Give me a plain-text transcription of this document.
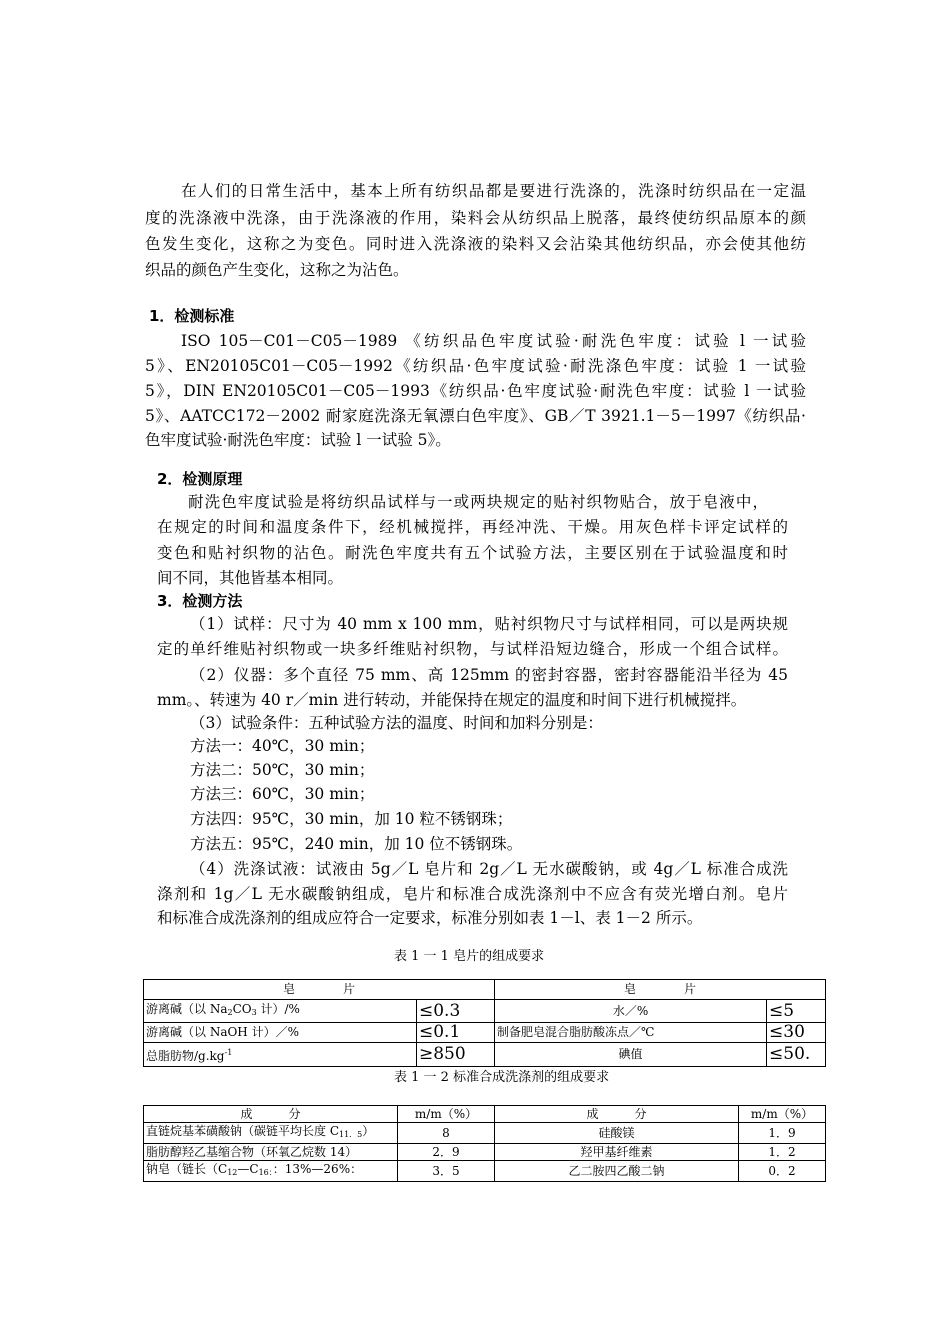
在人们的日常生活中，基本上所有纺织品都是要进行洗涤的，洗涤时纺织品在一定温
度的洗涤液中洗涤，由于洗涤液的作用，染料会从纺织品上脱落，最终使纺织品原本的颜
色发生变化，这称之为变色。同时进入洗涤液的染料又会沾染其他纺织品，亦会使其他纺
织品的颜色产生变化，这称之为沾色。
1．检测标准
ISO 105－C01－C05－1989 《纺织品色牢度试验·耐洗色牢度：试验 l 一试验
5》、EN20105C01－C05－1992《纺织品·色牢度试验·耐洗涤色牢度：试验 1 一试验
5》，DIN EN20105C01－C05－1993《纺织品·色牢度试验·耐洗色牢度：试验 l 一试验
5》、AATCC172－2002 耐家庭洗涤无氧漂白色牢度》、GB／T 3921.1－5－1997《纺织品·
色牢度试验·耐洗色牢度：试验 l 一试验 5》。
2．检测原理
耐洗色牢度试验是将纺织品试样与一或两块规定的贴衬织物贴合，放于皂液中，
在规定的时间和温度条件下，经机械搅拌，再经冲洗、干燥。用灰色样卡评定试样的
变色和贴衬织物的沾色。耐洗色牢度共有五个试验方法，主要区别在于试验温度和时
间不同，其他皆基本相同。
3．检测方法
（1）试样：尺寸为 40 mm x 100 mm，贴衬织物尺寸与试样相同，可以是两块规
定的单纤维贴衬织物或一块多纤维贴衬织物，与试样沿短边缝合，形成一个组合试样。
（2）仪器：多个直径 75 mm、高 125mm 的密封容器，密封容器能沿半径为 45
mm。、转速为 40 r／min 进行转动，并能保持在规定的温度和时间下进行机械搅拌。
（3）试验条件：五种试验方法的温度、时间和加料分别是：
方法一：40℃，30 min；
方法二：50℃，30 min；
方法三：60℃，30 min；
方法四：95℃，30 min，加 10 粒不锈钢珠；
方法五：95℃，240 min，加 10 位不锈钢珠。
（4）洗涤试液：试液由 5g／L 皂片和 2g／L 无水碳酸钠，或 4g／L 标准合成洗
涤剂和 1g／L 无水碳酸钠组成，皂片和标准合成洗涤剂中不应含有荧光增白剂。皂片
和标准合成洗涤剂的组成应符合一定要求，标准分别如表 1－l、表 1－2 所示。
表 1 一 1 皂片的组成要求
皂　　　　片		皂　　　　片	
游离碱（以 $Na_2CO_3$ 计）/%	≤0.3	水／%	≤5
游离碱（以 NaOH 计）／%	≤0.1	制备肥皂混合脂肪酸冻点／℃	≤30
总脂肪物$/g.kg^{-1}$	≥850	碘值	≤50.
表 1 一 2 标准合成洗涤剂的组成要求
成　　　分	m/m（%）	成　　　分	m/m（%）
直链烷基苯磺酸钠（碳链平均长度 $C_{11.5}$）	8	硅酸镁	1．9
脂肪醇羟乙基缩合物（环氧乙烷数 14）	2．9	羟甲基纤维素	1．2
钠皂（链长（$C_{12}—C_{16:}$：13%—26%：	3．5	乙二胺四乙酸二钠	0．2
